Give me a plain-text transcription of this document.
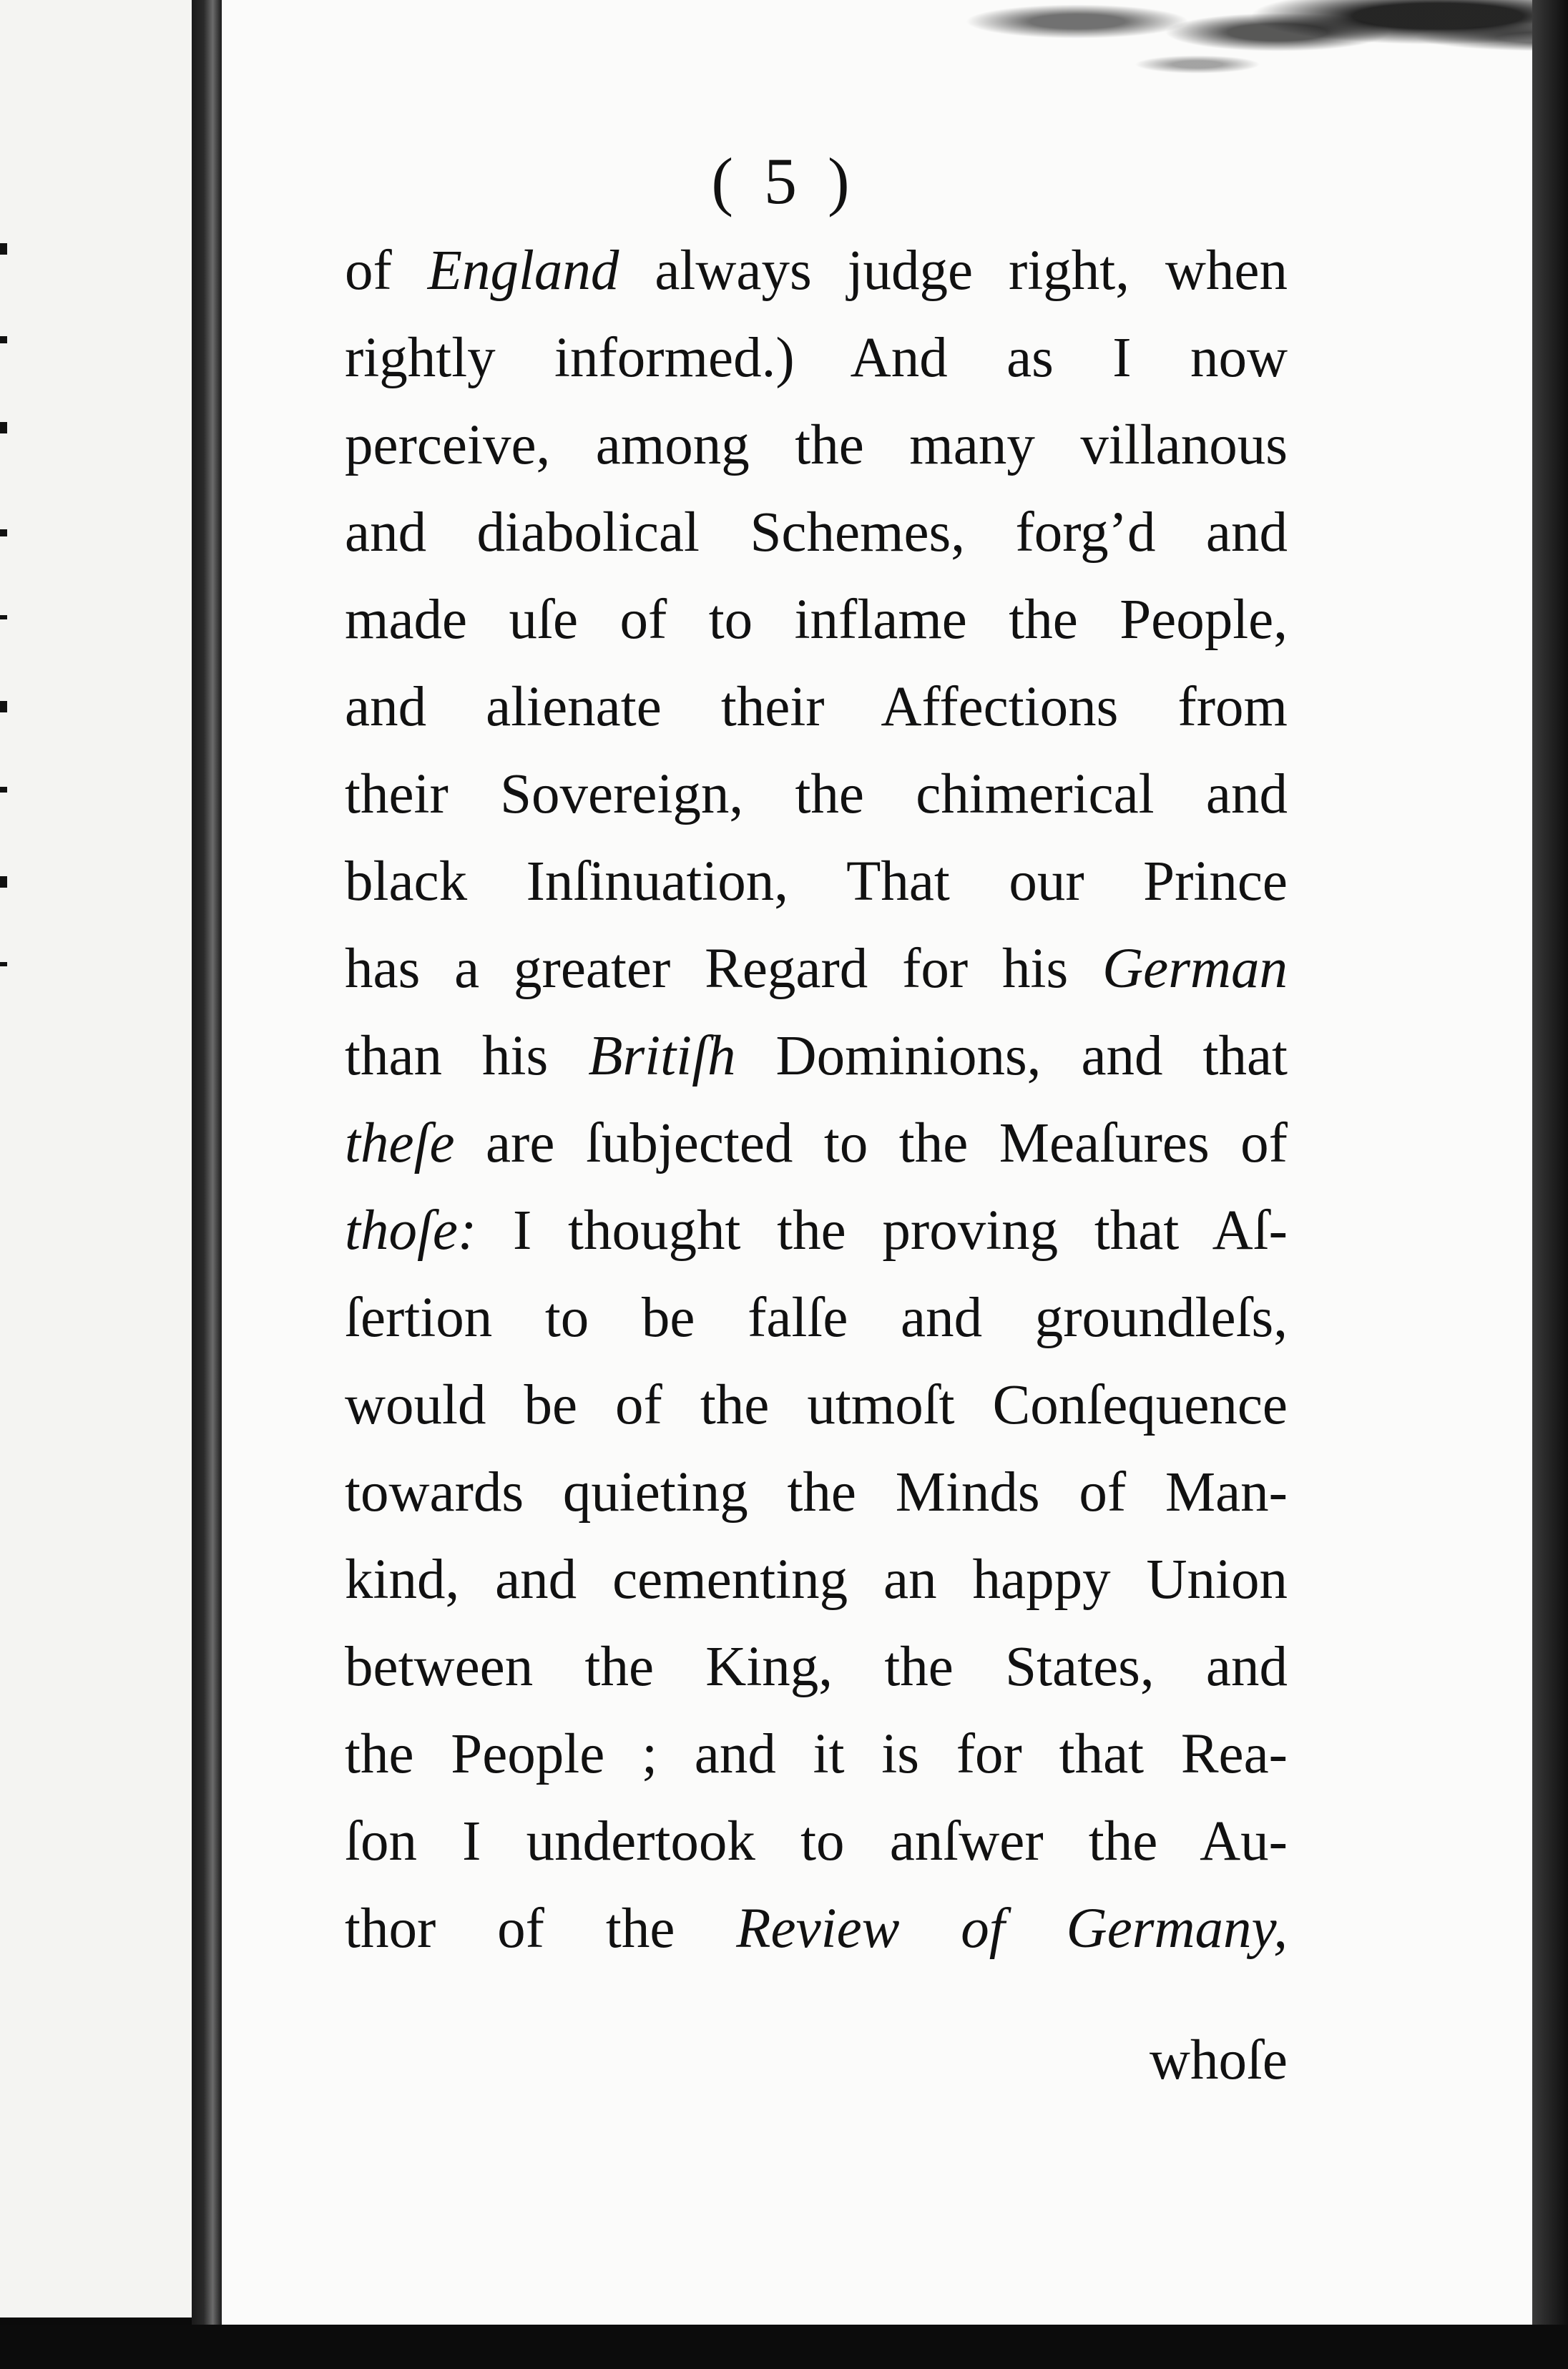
( 5 )
of England always judge right, when
rightly informed.) And as I now
perceive, among the many villanous
and diabolical Schemes, forg’d and
made uſe of to inflame the People,
and alienate their Affections from
their Sovereign, the chimerical and
black Inſinuation, That our Prince
has a greater Regard for his German
than his Britiſh Dominions, and that
theſe are ſubjected to the Meaſures of
thoſe: I thought the proving that Aſ-
ſertion to be falſe and groundleſs,
would be of the utmoſt Conſequence
towards quieting the Minds of Man-
kind, and cementing an happy Union
between the King, the States, and
the People ; and it is for that Rea-
ſon I undertook to anſwer the Au-
thor of the Review of Germany,
whoſe
